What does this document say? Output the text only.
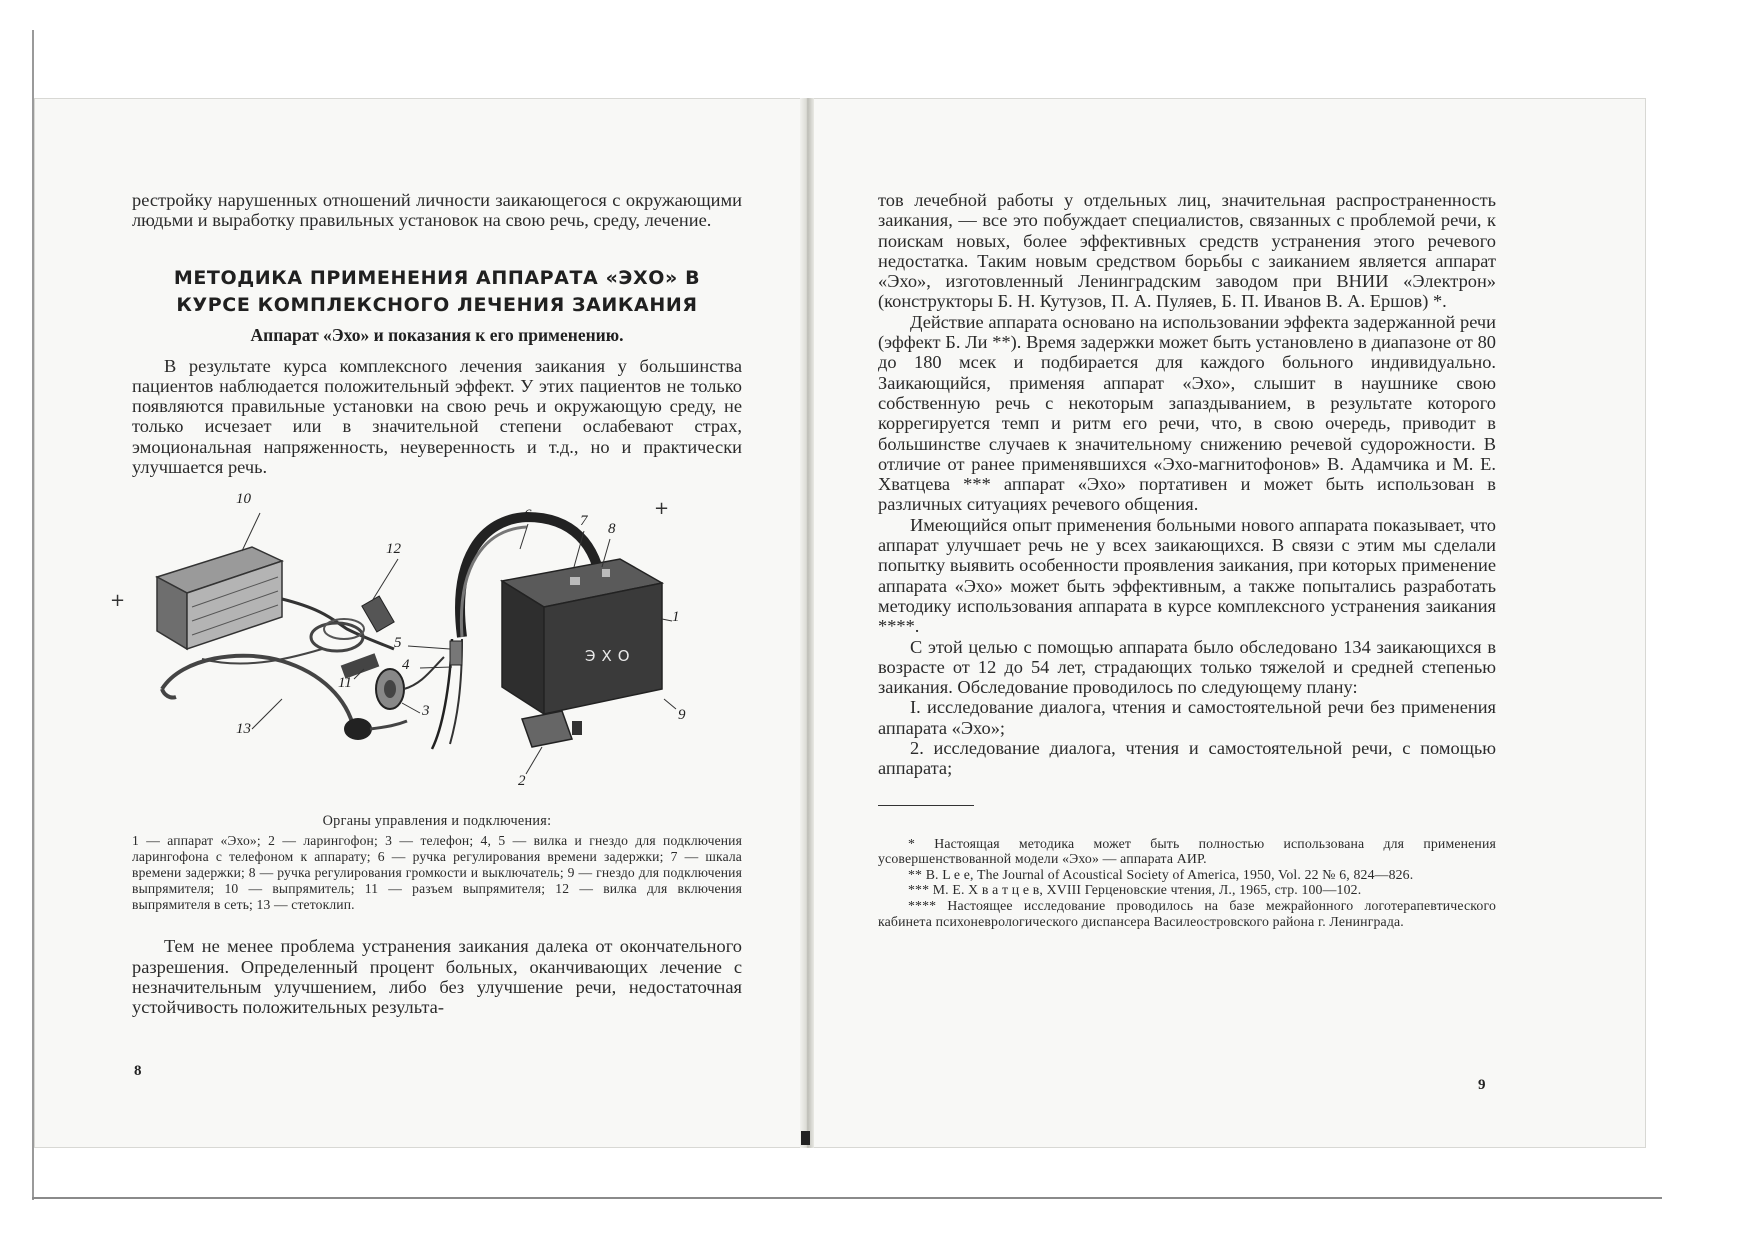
+
+

рестройку нарушенных отношений личности заикающегося с окружающими людьми и выработку правильных установок на свою речь, среду, лечение.

МЕТОДИКА ПРИМЕНЕНИЯ АППАРАТА «ЭХО» В

КУРСЕ КОМПЛЕКСНОГО ЛЕЧЕНИЯ ЗАИКАНИЯ

Аппарат «Эхо» и показания к его применению.

В результате курса комплексного лечения заикания у большинства пациентов наблюдается положительный эффект. У этих пациентов не только появляются правильные установки на свою речь и окружающую среду, не только исчезает или в значительной степени ослабевают страх, эмоциональная напряженность, неуверенность и т.д., но и практически улучшается речь.

ЭХО
10
12
6	7 8
1
5
4
11
3
13
9
2

Органы управления и подключения:

1 — аппарат «Эхо»; 2 — ларингофон; 3 — телефон; 4, 5 — вилка и гнездо для подключения ларингофона с телефоном к аппарату; 6 — ручка регулирования времени задержки; 7 — шкала времени задержки; 8 — ручка регулирования громкости и выключатель; 9 — гнездо для подключения выпрямителя; 10 — выпрямитель; 11 — разъем выпрямителя; 12 — вилка для включения выпрямителя в сеть; 13 — стетоклип.

Тем не менее проблема устранения заикания далека от окончательного разрешения. Определенный процент больных, оканчивающих лечение с незначительным улучшением, либо без улучшение речи, недостаточная устойчивость положительных результа-

8

тов лечебной работы у отдельных лиц, значительная распространенность заикания, — все это побуждает специалистов, связанных с проблемой речи, к поискам новых, более эффективных средств устранения этого речевого недостатка. Таким новым средством борьбы с заиканием является аппарат «Эхо», изготовленный Ленинградским заводом при ВНИИ «Электрон» (конструкторы Б. Н. Кутузов, П. А. Пуляев, Б. П. Иванов В. А. Ершов) *.

Действие аппарата основано на использовании эффекта задержанной речи (эффект Б. Ли **). Время задержки может быть установлено в диапазоне от 80 до 180 мсек и подбирается для каждого больного индивидуально. Заикающийся, применяя аппарат «Эхо», слышит в наушнике свою собственную речь с некоторым запаздыванием, в результате которого коррегируется темп и ритм его речи, что, в свою очередь, приводит в большинстве случаев к значительному снижению речевой судорожности. В отличие от ранее применявшихся «Эхо-магнитофонов» В. Адамчика и М. Е. Хватцева *** аппарат «Эхо» портативен и может быть использован в различных ситуациях речевого общения.

Имеющийся опыт применения больными нового аппарата показывает, что аппарат улучшает речь не у всех заикающихся. В связи с этим мы сделали попытку выявить особенности проявления заикания, при которых применение аппарата «Эхо» может быть эффективным, а также попытались разработать методику использования аппарата в курсе комплексного устранения заикания ****.

С этой целью с помощью аппарата было обследовано 134 заикающихся в возрасте от 12 до 54 лет, страдающих только тяжелой и средней степенью заикания. Обследование проводилось по следующему плану:

I. исследование диалога, чтения и самостоятельной речи без применения аппарата «Эхо»;

2. исследование диалога, чтения и самостоятельной речи, с помощью аппарата;

* Настоящая методика может быть полностью использована для применения усовершенствованной модели «Эхо» — аппарата АИР.

** B. L e e, The Journal of Acoustical Society of America, 1950, Vol. 22 № 6, 824—826.

*** М. Е. Х в а т ц е в, XVIII Герценовские чтения, Л., 1965, стр. 100—102.

**** Настоящее исследование проводилось на базе межрайонного логотерапевтического кабинета психоневрологического диспансера Василеостровского района г. Ленинграда.

9
